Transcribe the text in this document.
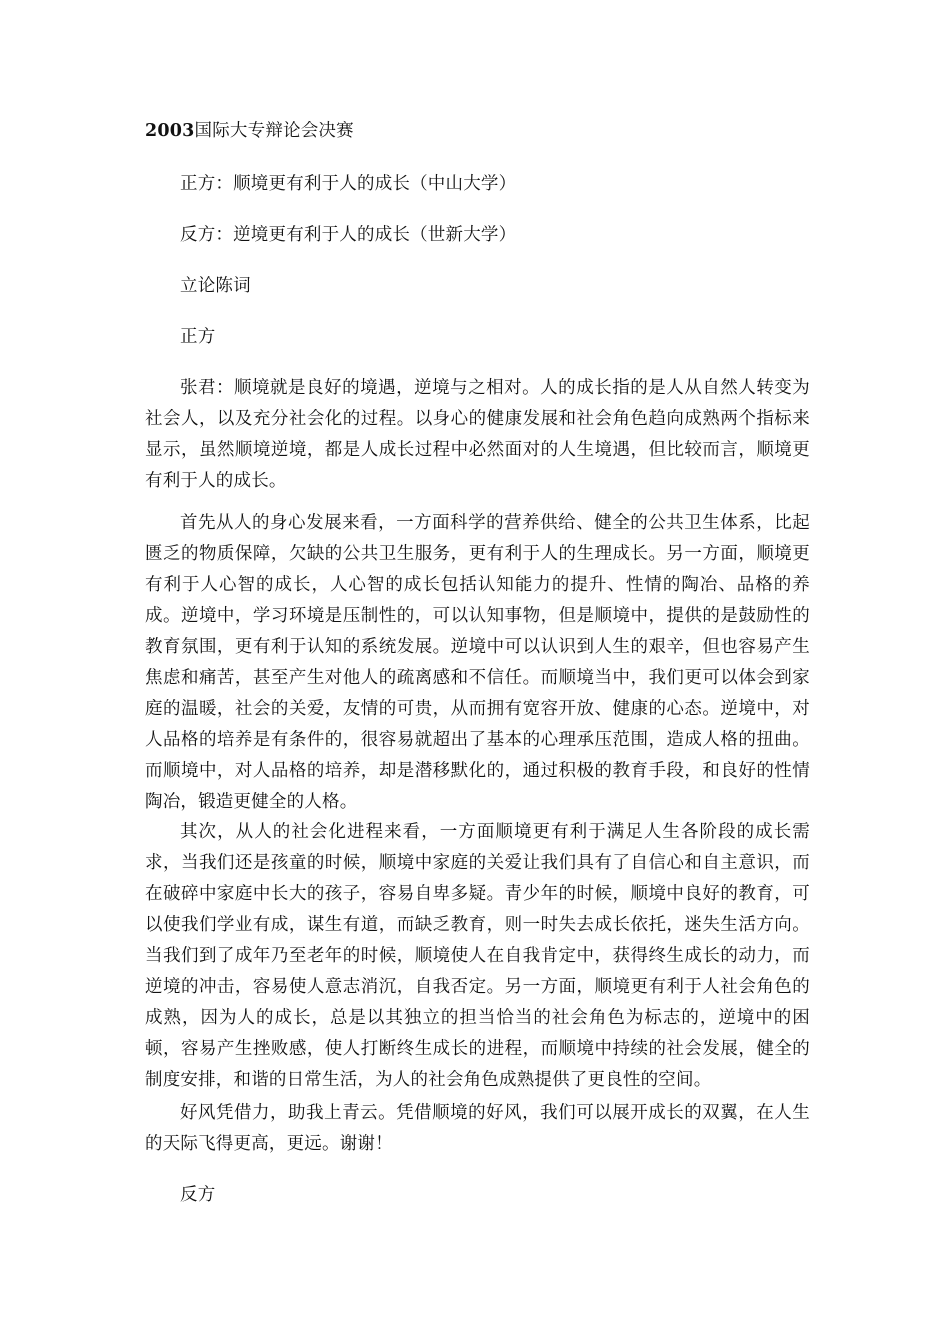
2003国际大专辩论会决赛
正方：顺境更有利于人的成长（中山大学）
反方：逆境更有利于人的成长（世新大学）
立论陈词
正方
张君：顺境就是良好的境遇，逆境与之相对。人的成长指的是人从自然人转变为社会人，以及充分社会化的过程。以身心的健康发展和社会角色趋向成熟两个指标来显示，虽然顺境逆境，都是人成长过程中必然面对的人生境遇，但比较而言，顺境更有利于人的成长。
首先从人的身心发展来看，一方面科学的营养供给、健全的公共卫生体系，比起匮乏的物质保障，欠缺的公共卫生服务，更有利于人的生理成长。另一方面，顺境更有利于人心智的成长，人心智的成长包括认知能力的提升、性情的陶冶、品格的养成。逆境中，学习环境是压制性的，可以认知事物，但是顺境中，提供的是鼓励性的教育氛围，更有利于认知的系统发展。逆境中可以认识到人生的艰辛，但也容易产生焦虑和痛苦，甚至产生对他人的疏离感和不信任。而顺境当中，我们更可以体会到家庭的温暖，社会的关爱，友情的可贵，从而拥有宽容开放、健康的心态。逆境中，对人品格的培养是有条件的，很容易就超出了基本的心理承压范围，造成人格的扭曲。而顺境中，对人品格的培养，却是潜移默化的，通过积极的教育手段，和良好的性情陶冶，锻造更健全的人格。
其次，从人的社会化进程来看，一方面顺境更有利于满足人生各阶段的成长需求，当我们还是孩童的时候，顺境中家庭的关爱让我们具有了自信心和自主意识，而在破碎中家庭中长大的孩子，容易自卑多疑。青少年的时候，顺境中良好的教育，可以使我们学业有成，谋生有道，而缺乏教育，则一时失去成长依托，迷失生活方向。当我们到了成年乃至老年的时候，顺境使人在自我肯定中，获得终生成长的动力，而逆境的冲击，容易使人意志消沉，自我否定。另一方面，顺境更有利于人社会角色的成熟，因为人的成长，总是以其独立的担当恰当的社会角色为标志的，逆境中的困顿，容易产生挫败感，使人打断终生成长的进程，而顺境中持续的社会发展，健全的制度安排，和谐的日常生活，为人的社会角色成熟提供了更良性的空间。
好风凭借力，助我上青云。凭借顺境的好风，我们可以展开成长的双翼，在人生的天际飞得更高，更远。谢谢！
反方
